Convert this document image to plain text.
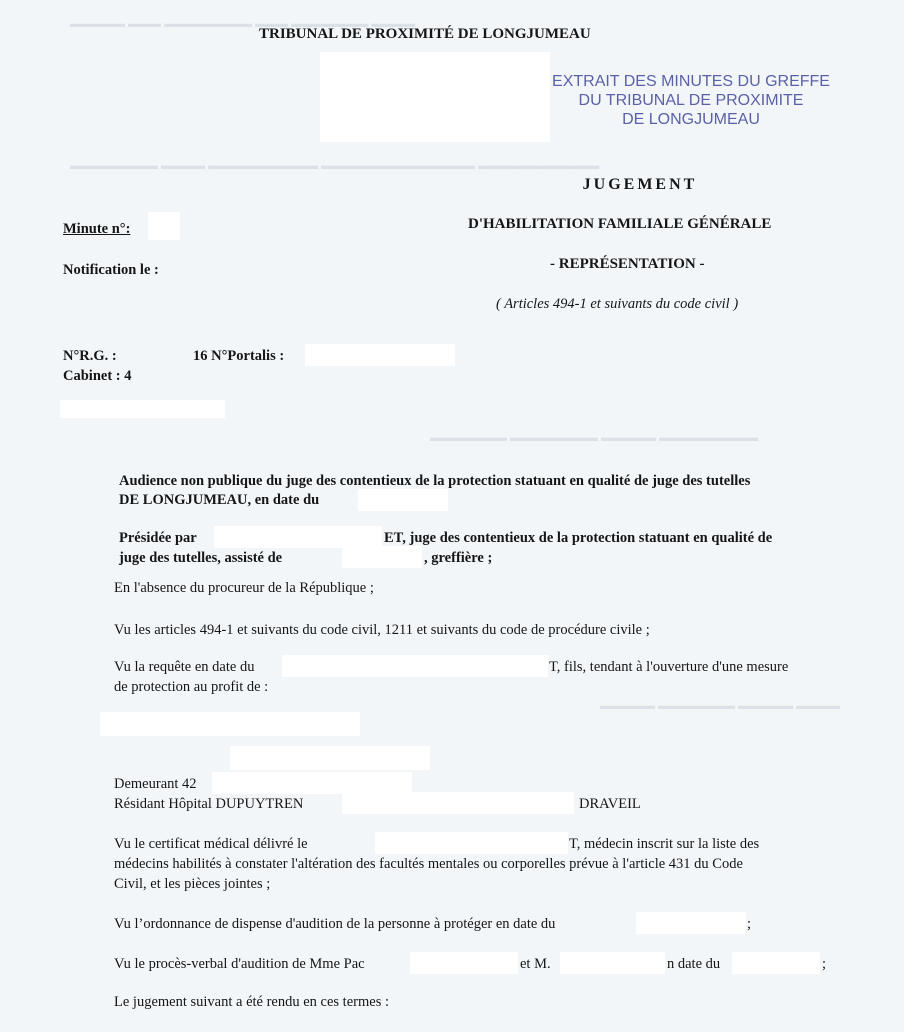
▬▬▬▬▬ ▬▬▬ ▬▬▬▬▬▬▬▬ ▬▬▬ ▬▬▬▬▬▬▬ ▬▬▬▬
▬▬▬▬▬▬▬▬ ▬▬▬▬ ▬▬▬▬▬▬▬▬▬▬ ▬▬▬▬▬▬▬▬▬▬▬▬▬▬ ▬▬▬▬▬▬▬▬▬▬▬
▬▬▬▬▬▬▬ ▬▬▬▬▬▬▬▬ ▬▬▬▬▬ ▬▬▬▬▬▬▬▬▬
▬▬▬▬▬ ▬▬▬▬▬▬▬ ▬▬▬▬▬ ▬▬▬▬
TRIBUNAL DE PROXIMITÉ DE LONGJUMEAU
EXTRAIT DES MINUTES DU GREFFE
DU TRIBUNAL DE PROXIMITE
DE LONGJUMEAU
JUGEMENT
D'HABILITATION FAMILIALE GÉNÉRALE
- REPRÉSENTATION -
( Articles 494-1 et suivants du code civil )
Minute n°:
Notification le :
N°R.G. :	16 N°Portalis :
Cabinet : 4
Audience non publique du juge des contentieux de la protection statuant en qualité de juge des tutelles
DE LONGJUMEAU, en date du
Présidée par	ET, juge des contentieux de la protection statuant en qualité de
juge des tutelles, assisté de	, greffière ;
En l'absence du procureur de la République ;
Vu les articles 494-1 et suivants du code civil, 1211 et suivants du code de procédure civile ;
Vu la requête en date du	T, fils, tendant à l'ouverture d'une mesure
de protection au profit de :
Demeurant 42
Résidant Hôpital DUPUYTREN	DRAVEIL
Vu le certificat médical délivré le	T, médecin inscrit sur la liste des
médecins habilités à constater l'altération des facultés mentales ou corporelles prévue à l'article 431 du Code
Civil, et les pièces jointes ;
Vu l’ordonnance de dispense d'audition de la personne à protéger en date du	;
Vu le procès-verbal d'audition de Mme Pac	et M.	n date du	;
Le jugement suivant a été rendu en ces termes :
